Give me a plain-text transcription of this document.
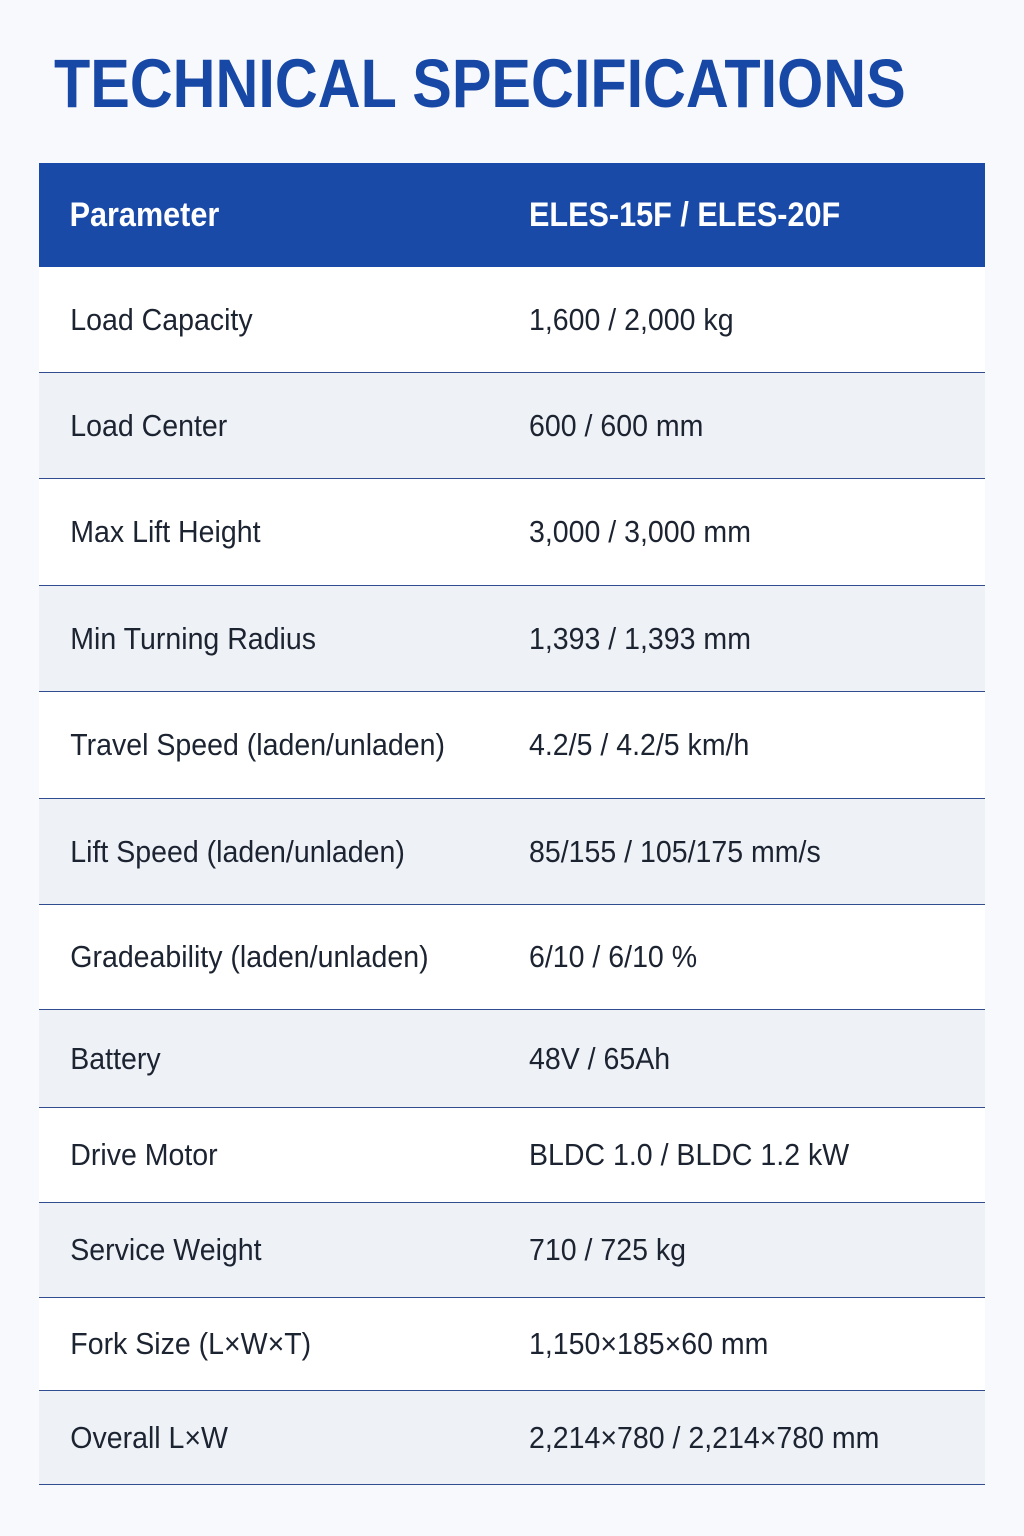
TECHNICAL SPECIFICATIONS
Parameter	ELES-15F / ELES-20F
Load Capacity	1,600 / 2,000 kg
Load Center	600 / 600 mm
Max Lift Height	3,000 / 3,000 mm
Min Turning Radius	1,393 / 1,393 mm
Travel Speed (laden/unladen)	4.2/5 / 4.2/5 km/h
Lift Speed (laden/unladen)	85/155 / 105/175 mm/s
Gradeability (laden/unladen)	6/10 / 6/10 %
Battery	48V / 65Ah
Drive Motor	BLDC 1.0 / BLDC 1.2 kW
Service Weight	710 / 725 kg
Fork Size (L×W×T)	1,150×185×60 mm
Overall L×W	2,214×780 / 2,214×780 mm
